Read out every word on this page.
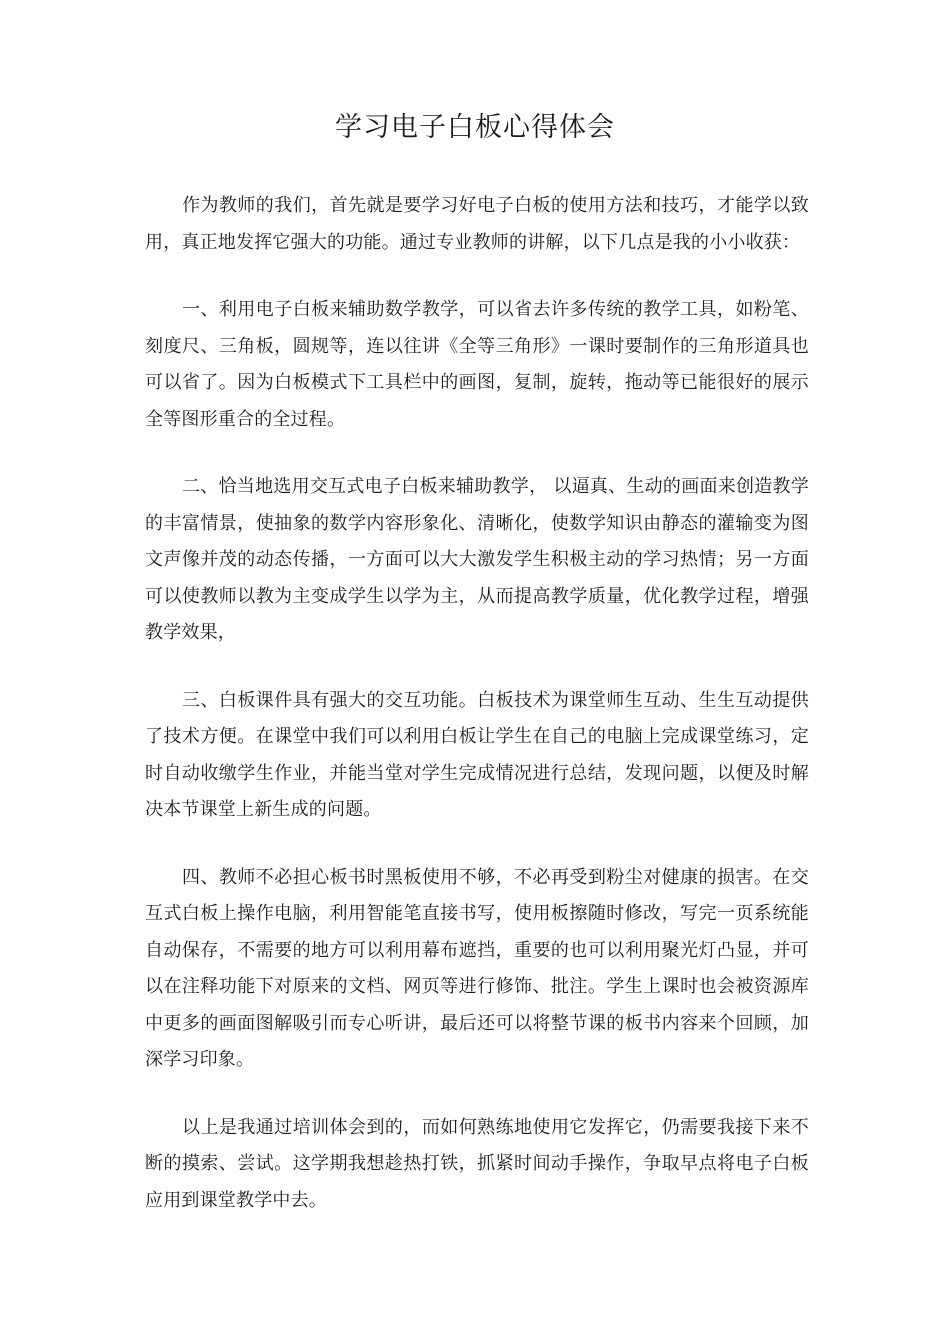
学习电子白板心得体会

作为教师的我们，首先就是要学习好电子白板的使用方法和技巧，才能学以致用，真正地发挥它强大的功能。通过专业教师的讲解，以下几点是我的小小收获：

一、利用电子白板来辅助数学教学，可以省去许多传统的教学工具，如粉笔、刻度尺、三角板，圆规等，连以往讲《全等三角形》一课时要制作的三角形道具也可以省了。因为白板模式下工具栏中的画图，复制，旋转，拖动等已能很好的展示全等图形重合的全过程。

二、恰当地选用交互式电子白板来辅助教学， 以逼真、生动的画面来创造教学的丰富情景，使抽象的数学内容形象化、清晰化，使数学知识由静态的灌输变为图文声像并茂的动态传播，一方面可以大大激发学生积极主动的学习热情；另一方面可以使教师以教为主变成学生以学为主，从而提高教学质量，优化教学过程，增强教学效果，

三、白板课件具有强大的交互功能。白板技术为课堂师生互动、生生互动提供了技术方便。在课堂中我们可以利用白板让学生在自己的电脑上完成课堂练习，定时自动收缴学生作业，并能当堂对学生完成情况进行总结，发现问题，以便及时解决本节课堂上新生成的问题。

四、教师不必担心板书时黑板使用不够，不必再受到粉尘对健康的损害。在交互式白板上操作电脑，利用智能笔直接书写，使用板擦随时修改，写完一页系统能自动保存，不需要的地方可以利用幕布遮挡，重要的也可以利用聚光灯凸显，并可以在注释功能下对原来的文档、网页等进行修饰、批注。学生上课时也会被资源库中更多的画面图解吸引而专心听讲，最后还可以将整节课的板书内容来个回顾，加深学习印象。

以上是我通过培训体会到的，而如何熟练地使用它发挥它，仍需要我接下来不断的摸索、尝试。这学期我想趁热打铁，抓紧时间动手操作，争取早点将电子白板应用到课堂教学中去。
